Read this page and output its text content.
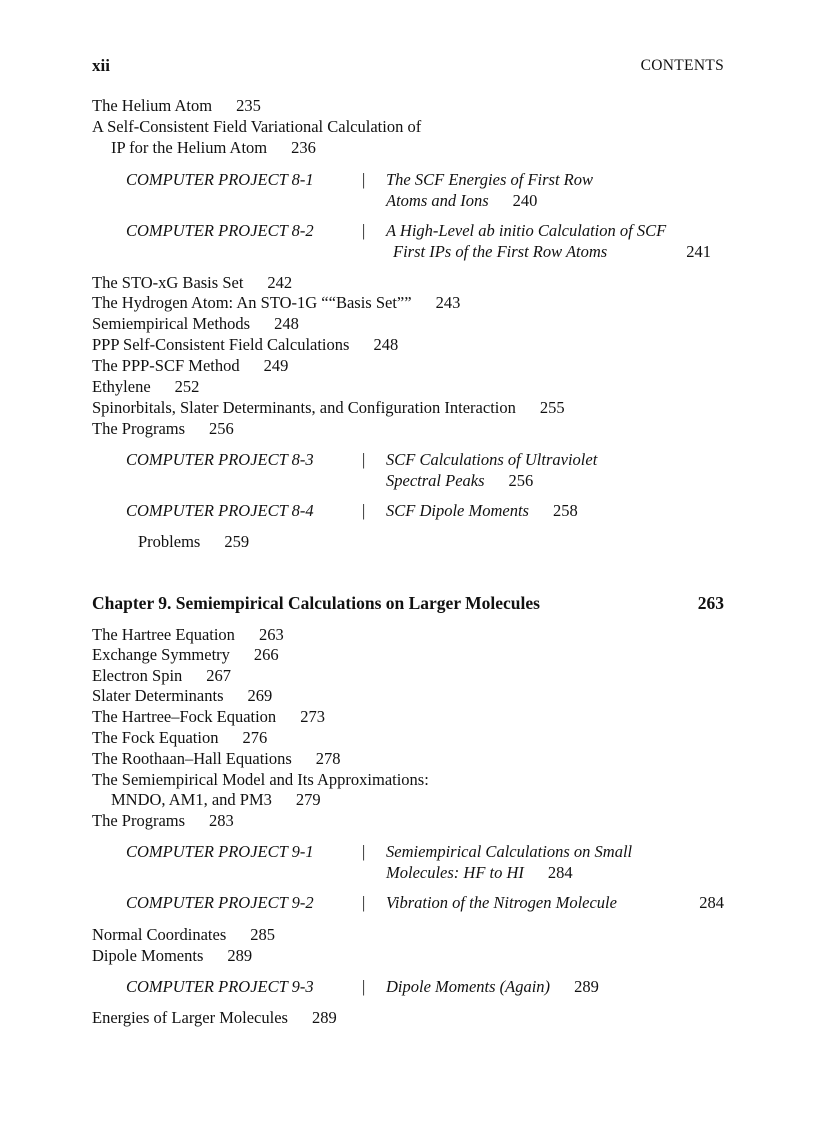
xii	CONTENTS
The Helium Atom 235
A Self-Consistent Field Variational Calculation of
IP for the Helium Atom 236
COMPUTER PROJECT 8-1	| The SCF Energies of First Row
Atoms and Ions 240
COMPUTER PROJECT 8-2	| A High-Level ab initio Calculation of SCF
First IPs of the First Row Atoms	241
The STO-xG Basis Set 242
The Hydrogen Atom: An STO-1G ““Basis Set”” 243
Semiempirical Methods 248
PPP Self-Consistent Field Calculations 248
The PPP-SCF Method 249
Ethylene 252
Spinorbitals, Slater Determinants, and Configuration Interaction 255
The Programs 256
COMPUTER PROJECT 8-3	| SCF Calculations of Ultraviolet
Spectral Peaks 256
COMPUTER PROJECT 8-4	| SCF Dipole Moments 258
Problems 259
Chapter 9. Semiempirical Calculations on Larger Molecules	263
The Hartree Equation 263
Exchange Symmetry 266
Electron Spin 267
Slater Determinants 269
The Hartree–Fock Equation 273
The Fock Equation 276
The Roothaan–Hall Equations 278
The Semiempirical Model and Its Approximations:
MNDO, AM1, and PM3 279
The Programs 283
COMPUTER PROJECT 9-1	| Semiempirical Calculations on Small
Molecules: HF to HI 284
COMPUTER PROJECT 9-2	| Vibration of the Nitrogen Molecule	284
Normal Coordinates 285
Dipole Moments 289
COMPUTER PROJECT 9-3	| Dipole Moments (Again) 289
Energies of Larger Molecules 289
